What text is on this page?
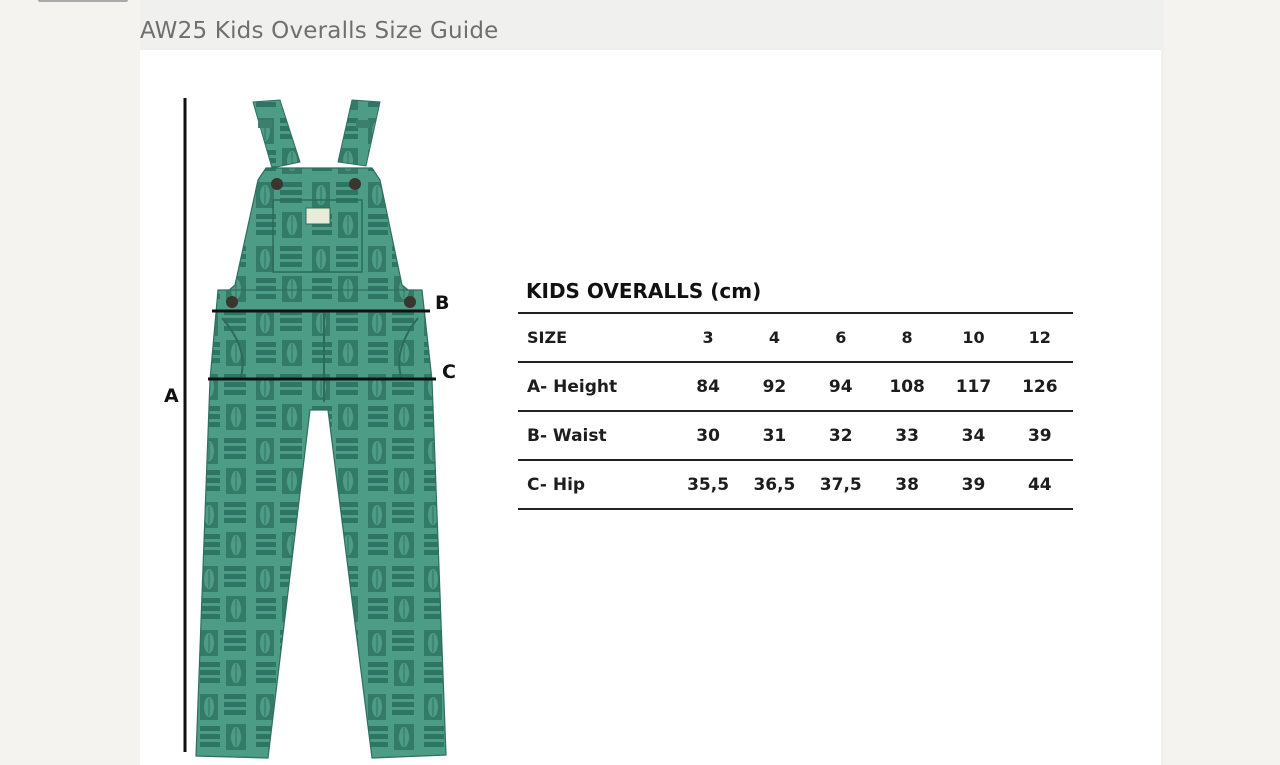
AW25 Kids Overalls Size Guide
A
B
C
KIDS OVERALLS (cm)
SIZE	3	4	6	8	10	12
A- Height	84	92	94	108	117	126
B- Waist	30	31	32	33	34	39
C- Hip	35,5	36,5	37,5	38	39	44
